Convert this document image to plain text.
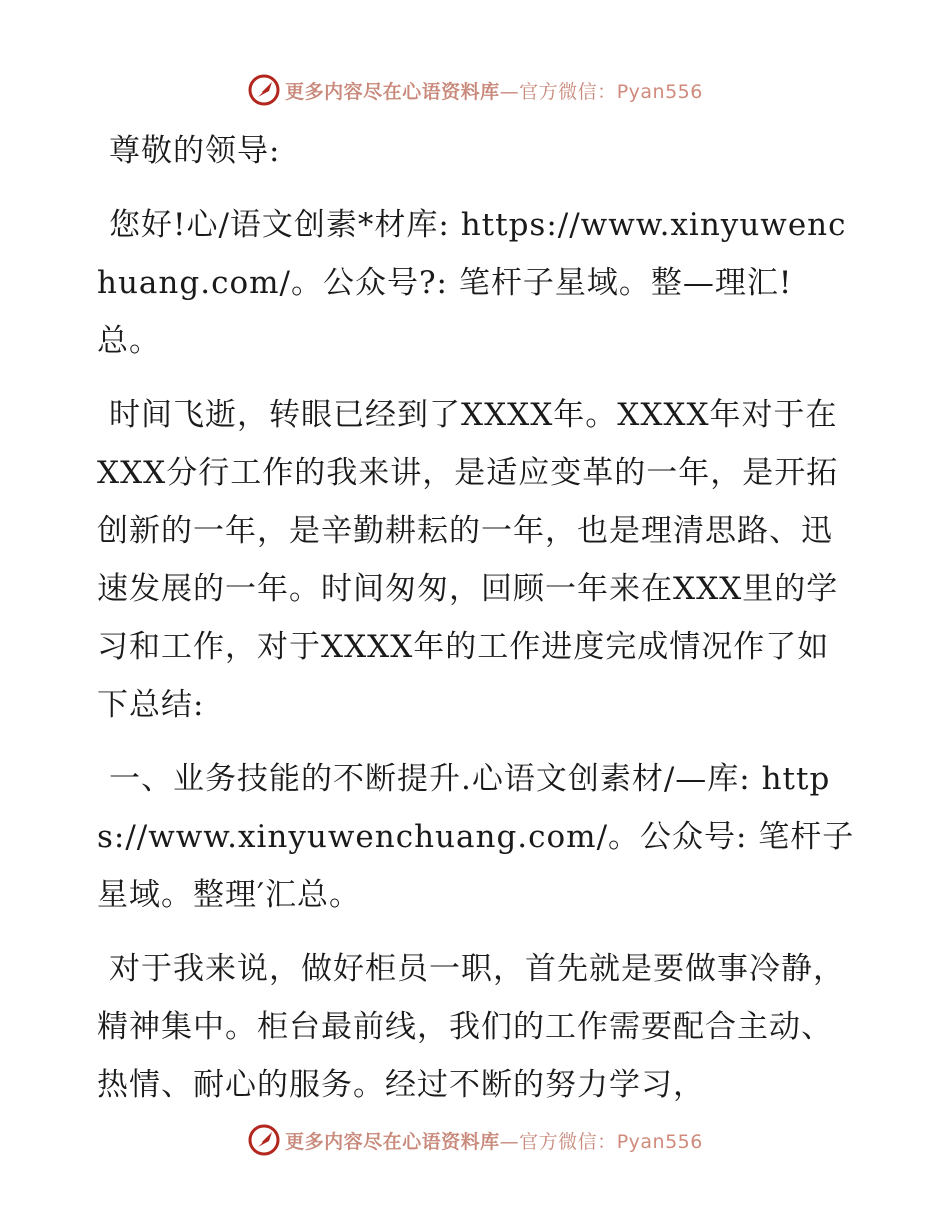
更多内容尽在心语资料库—官方微信：Pyan556

尊敬的领导:

您好!心/语文创素*材库: https://www.xinyuwenchuang.com/。公众号?: 笔杆子星域。整—理汇! 总。

时间飞逝，转眼已经到了XXXX年。XXXX年对于在XXX分行工作的我来讲，是适应变革的一年，是开拓创新的一年，是辛勤耕耘的一年，也是理清思路、迅速发展的一年。时间匆匆，回顾一年来在XXX里的学习和工作，对于XXXX年的工作进度完成情况作了如下总结:

一、业务技能的不断提升.心语文创素材/—库: https://www.xinyuwenchuang.com/。公众号: 笔杆子星域。整理′汇总。

对于我来说，做好柜员一职，首先就是要做事冷静，精神集中。柜台最前线，我们的工作需要配合主动、热情、耐心的服务。经过不断的努力学习，

更多内容尽在心语资料库—官方微信：Pyan556
